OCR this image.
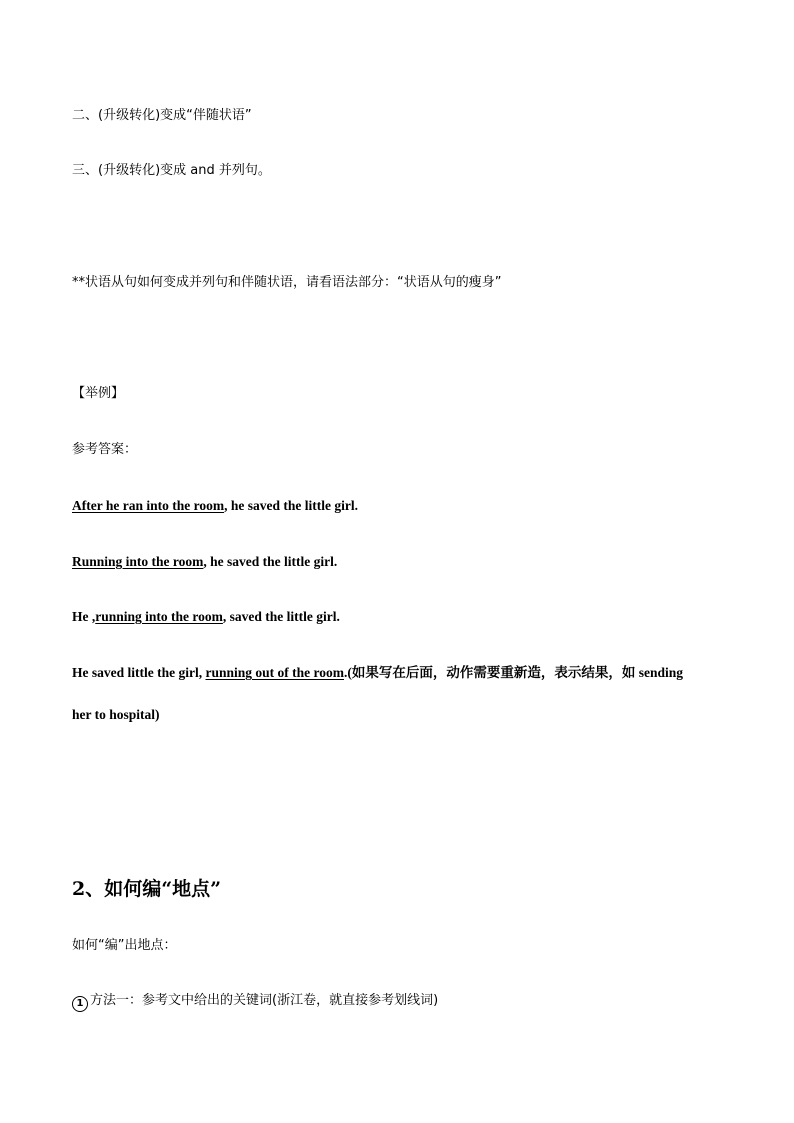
二、(升级转化)变成“伴随状语”
三、(升级转化)变成 and 并列句。
**状语从句如何变成并列句和伴随状语，请看语法部分：“状语从句的瘦身”
【举例】
参考答案：
After he ran into the room, he saved the little girl.
Running into the room, he saved the little girl.
He ,running into the room, saved the little girl.
He saved little the girl, running out of the room.(如果写在后面，动作需要重新造，表示结果，如 sending
her to hospital)
2、如何编“地点”
如何“编”出地点：
1 方法一：参考文中给出的关键词(浙江卷，就直接参考划线词)
